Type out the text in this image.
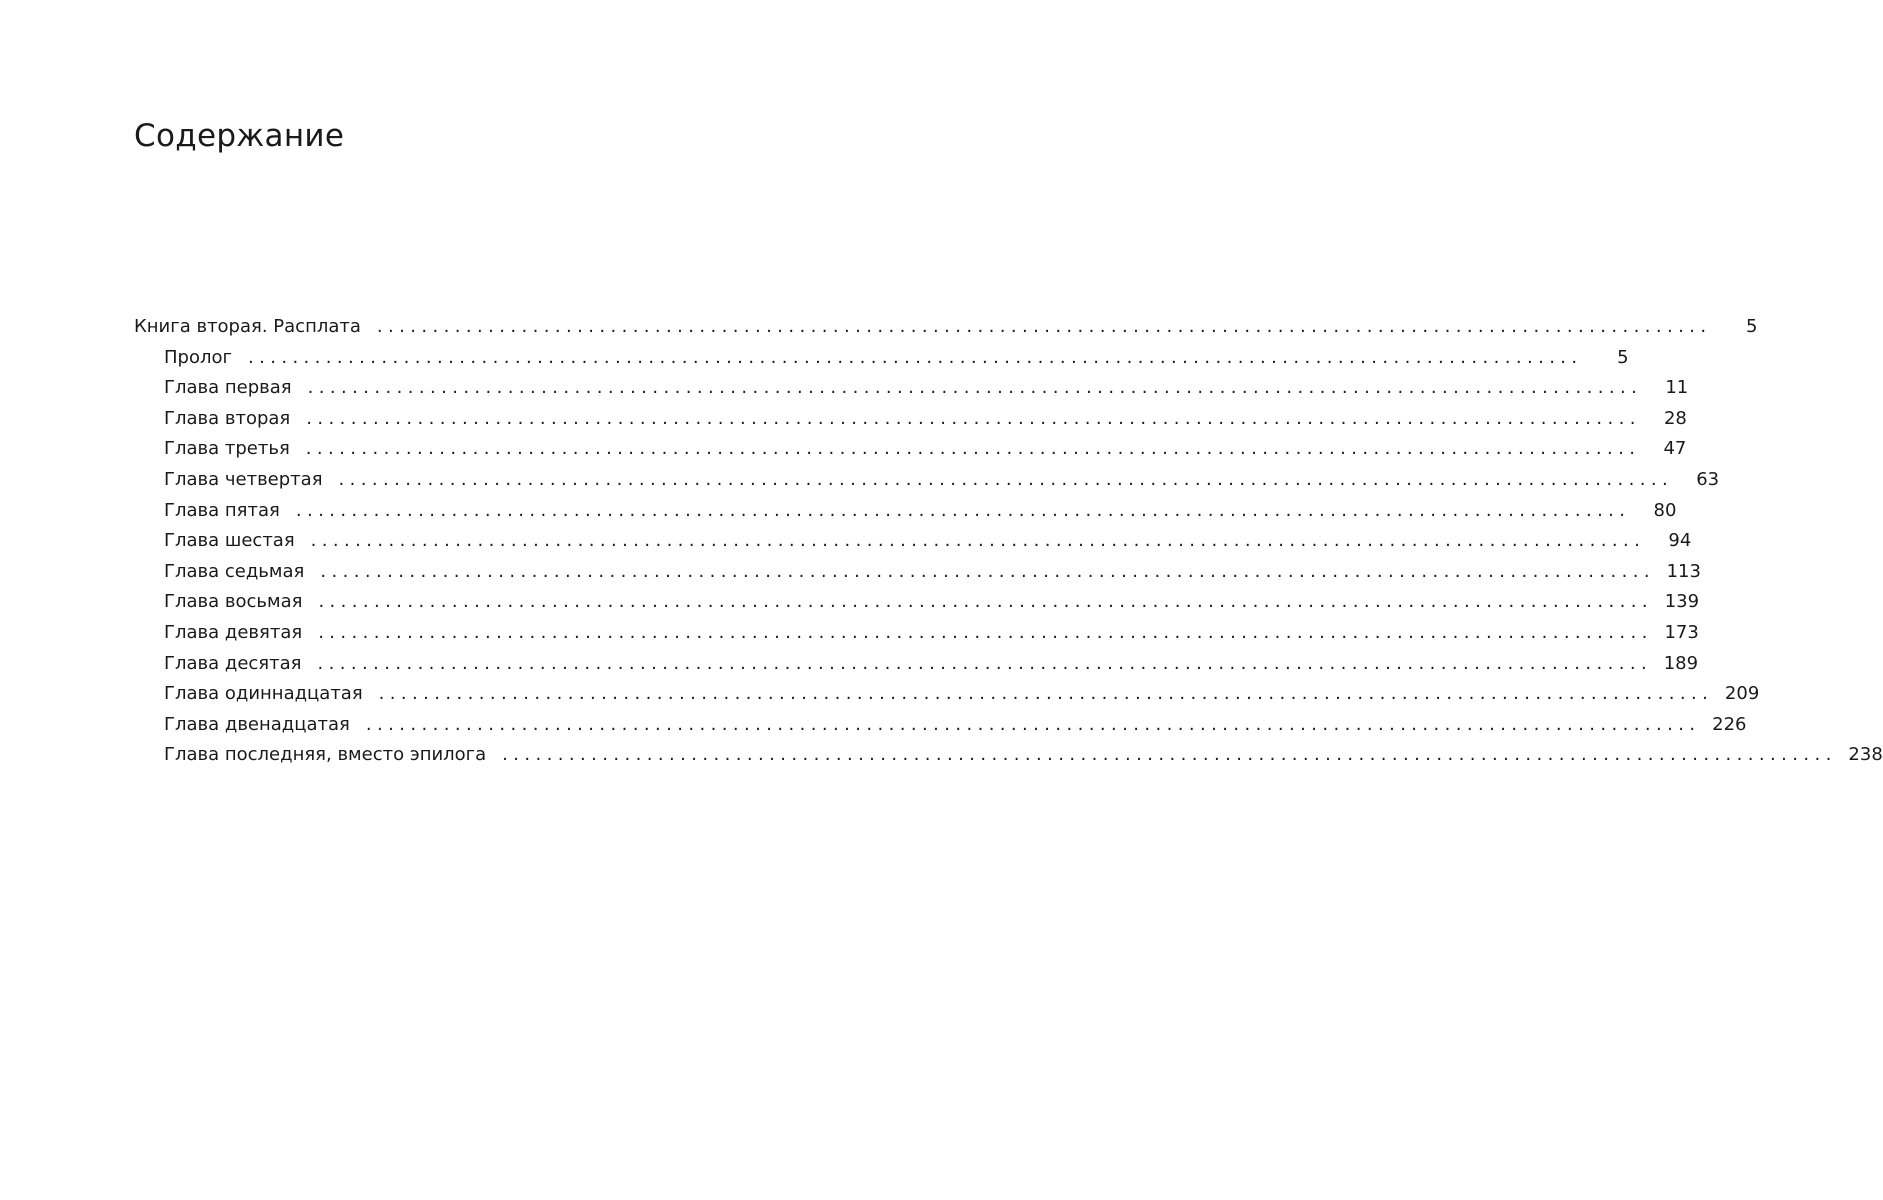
Содержание
Книга вторая. Расплата ........................................................................................................................	5
Пролог ........................................................................................................................	5
Глава первая ........................................................................................................................	11
Глава вторая ........................................................................................................................	28
Глава третья ........................................................................................................................	47
Глава четвертая ........................................................................................................................	63
Глава пятая ........................................................................................................................	80
Глава шестая ........................................................................................................................	94
Глава седьмая ........................................................................................................................ 113
Глава восьмая ........................................................................................................................ 139
Глава девятая ........................................................................................................................ 173
Глава десятая ........................................................................................................................ 189
Глава одиннадцатая ........................................................................................................................ 209
Глава двенадцатая ........................................................................................................................ 226
Глава последняя, вместо эпилога ........................................................................................................................ 238
